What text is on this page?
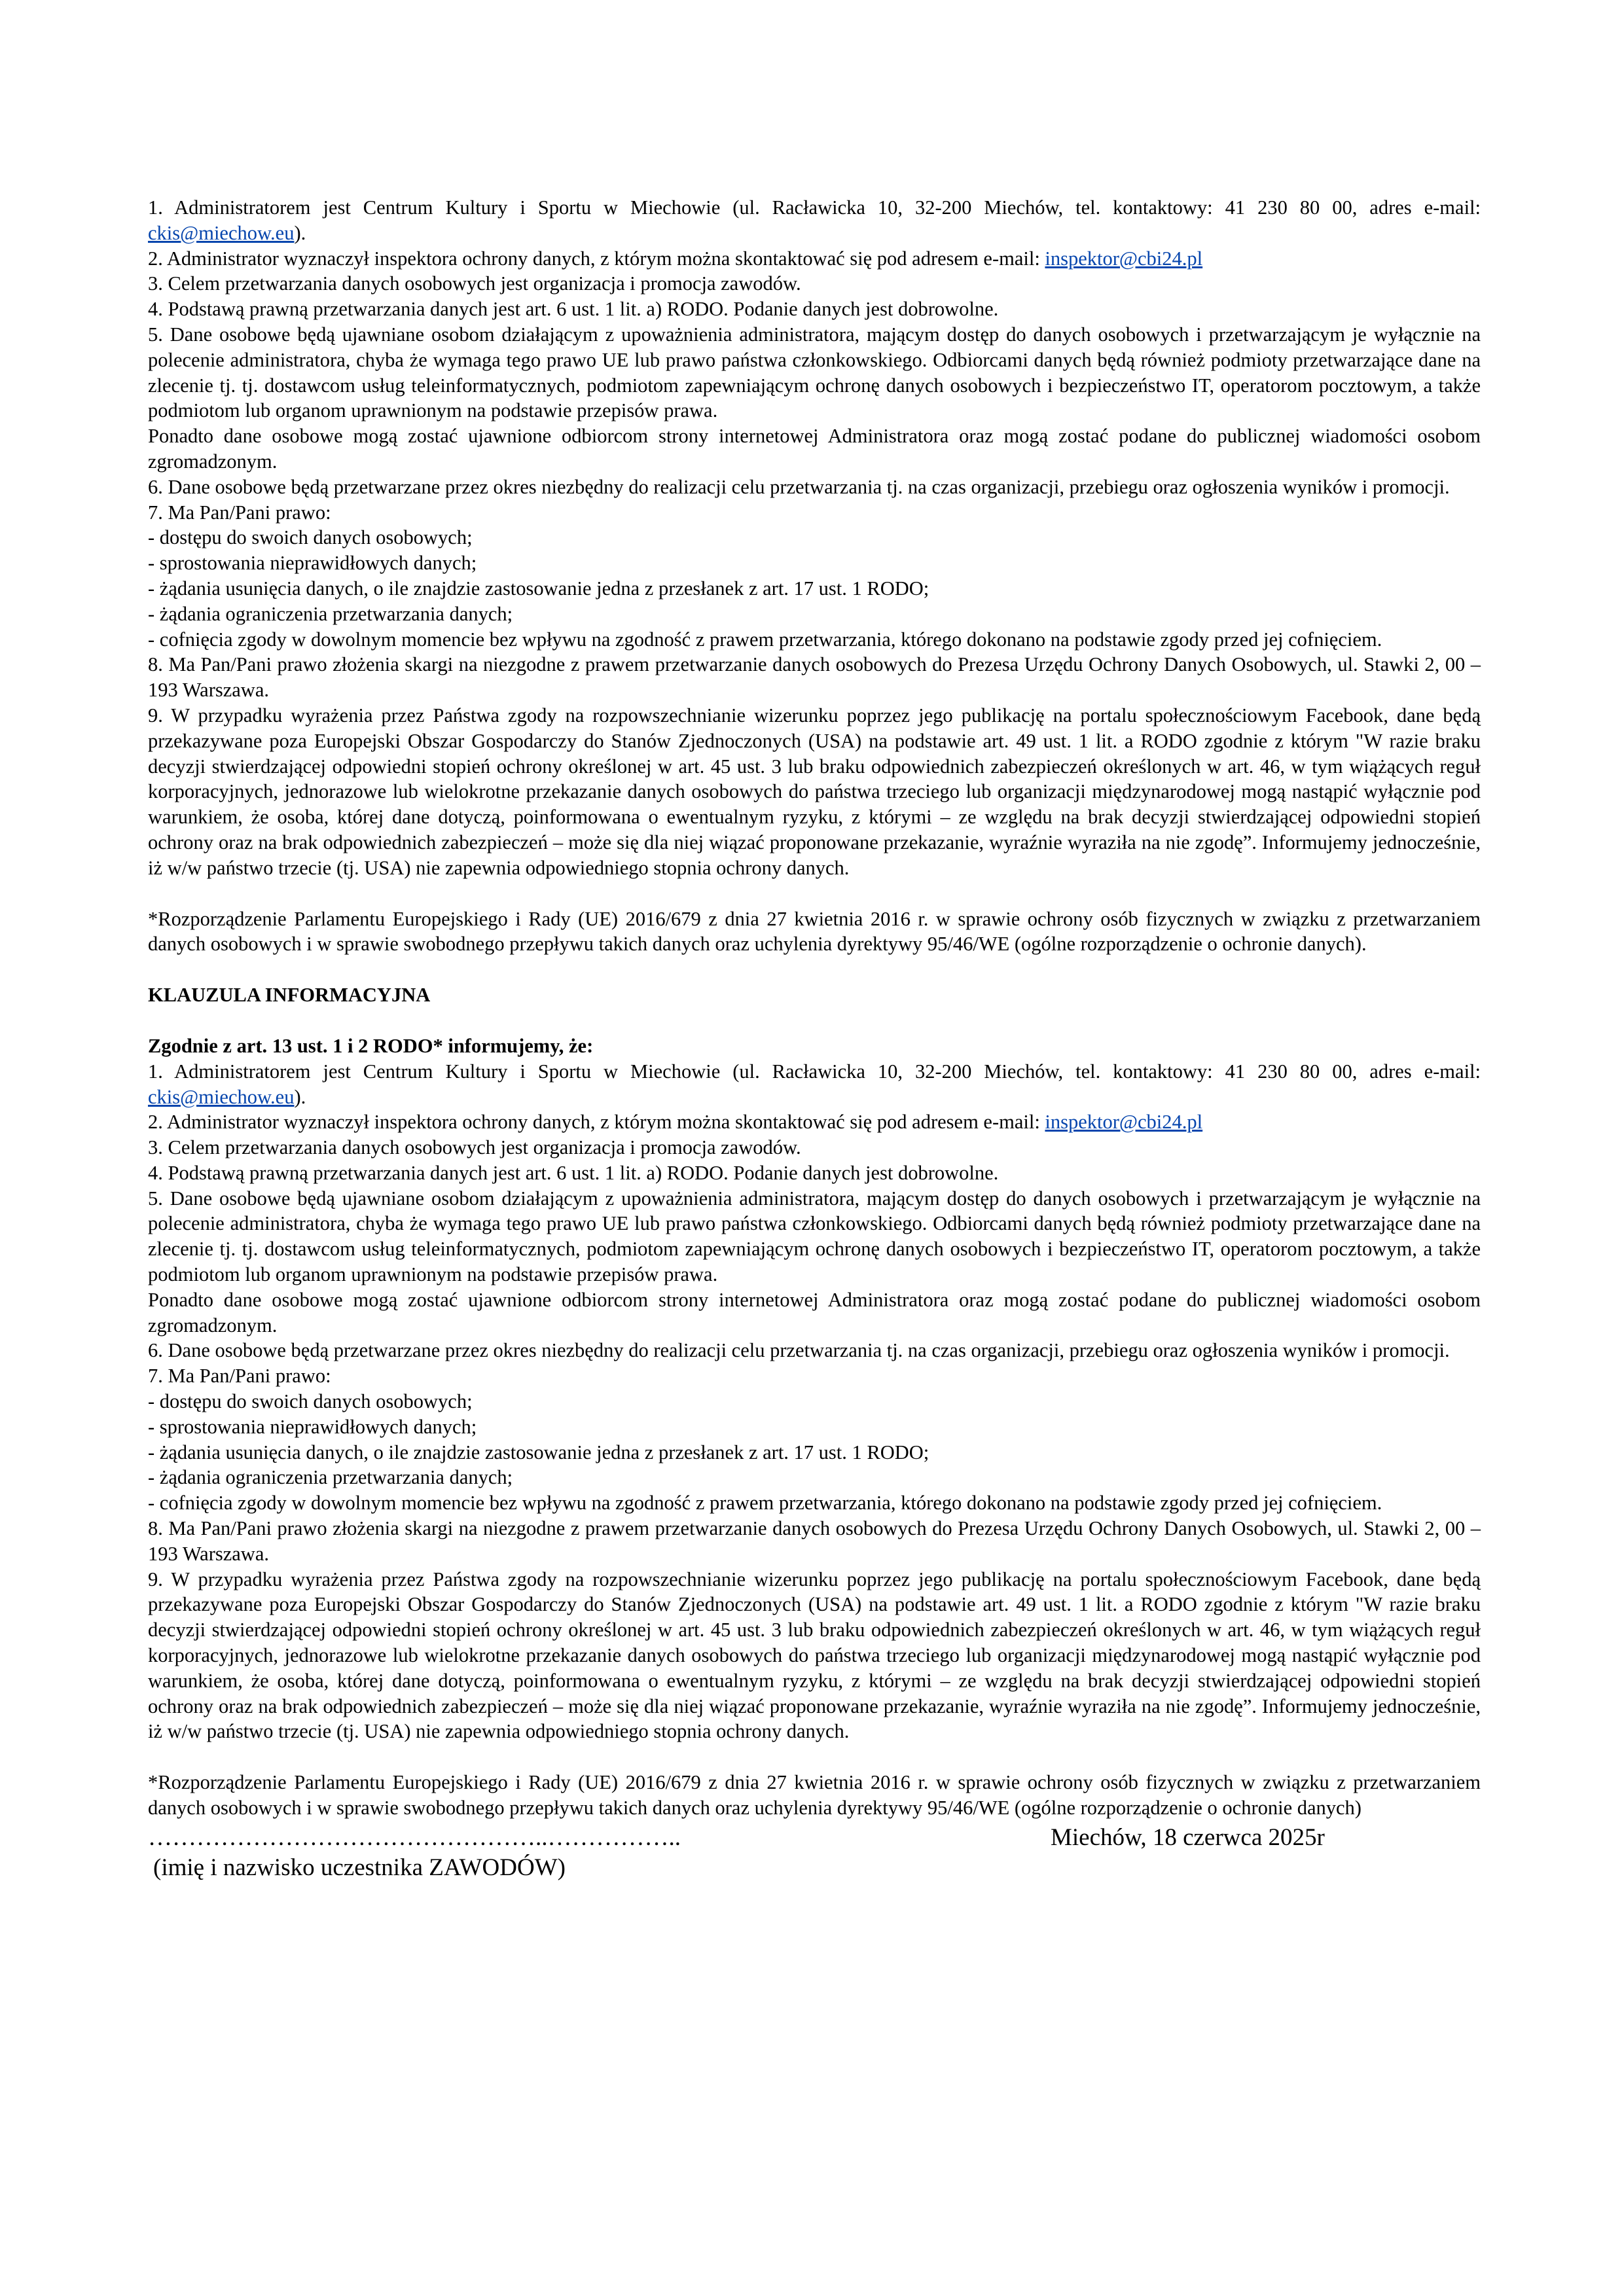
1. Administratorem jest Centrum Kultury i Sportu w Miechowie (ul. Racławicka 10, 32-200 Miechów, tel. kontaktowy: 41 230 80 00, adres e-mail: ckis@miechow.eu).

2. Administrator wyznaczył inspektora ochrony danych, z którym można skontaktować się pod adresem e-mail: inspektor@cbi24.pl

3. Celem przetwarzania danych osobowych jest organizacja i promocja zawodów.

4. Podstawą prawną przetwarzania danych jest art. 6 ust. 1 lit. a) RODO. Podanie danych jest dobrowolne.

5. Dane osobowe będą ujawniane osobom działającym z upoważnienia administratora, mającym dostęp do danych osobowych i przetwarzającym je wyłącznie na polecenie administratora, chyba że wymaga tego prawo UE lub prawo państwa członkowskiego. Odbiorcami danych będą również podmioty przetwarzające dane na zlecenie tj. tj. dostawcom usług teleinformatycznych, podmiotom zapewniającym ochronę danych osobowych i bezpieczeństwo IT, operatorom pocztowym, a także podmiotom lub organom uprawnionym na podstawie przepisów prawa.

Ponadto dane osobowe mogą zostać ujawnione odbiorcom strony internetowej Administratora oraz mogą zostać podane do publicznej wiadomości osobom zgromadzonym.

6. Dane osobowe będą przetwarzane przez okres niezbędny do realizacji celu przetwarzania tj. na czas organizacji, przebiegu oraz ogłoszenia wyników i promocji.

7. Ma Pan/Pani prawo:

- dostępu do swoich danych osobowych;

- sprostowania nieprawidłowych danych;

- żądania usunięcia danych, o ile znajdzie zastosowanie jedna z przesłanek z art. 17 ust. 1 RODO;

- żądania ograniczenia przetwarzania danych;

- cofnięcia zgody w dowolnym momencie bez wpływu na zgodność z prawem przetwarzania, którego dokonano na podstawie zgody przed jej cofnięciem.

8. Ma Pan/Pani prawo złożenia skargi na niezgodne z prawem przetwarzanie danych osobowych do Prezesa Urzędu Ochrony Danych Osobowych, ul. Stawki 2, 00 – 193 Warszawa.

9. W przypadku wyrażenia przez Państwa zgody na rozpowszechnianie wizerunku poprzez jego publikację na portalu społecznościowym Facebook, dane będą przekazywane poza Europejski Obszar Gospodarczy do Stanów Zjednoczonych (USA) na podstawie art. 49 ust. 1 lit. a RODO zgodnie z którym "W razie braku decyzji stwierdzającej odpowiedni stopień ochrony określonej w art. 45 ust. 3 lub braku odpowiednich zabezpieczeń określonych w art. 46, w tym wiążących reguł korporacyjnych, jednorazowe lub wielokrotne przekazanie danych osobowych do państwa trzeciego lub organizacji międzynarodowej mogą nastąpić wyłącznie pod warunkiem, że osoba, której dane dotyczą, poinformowana o ewentualnym ryzyku, z którymi – ze względu na brak decyzji stwierdzającej odpowiedni stopień ochrony oraz na brak odpowiednich zabezpieczeń – może się dla niej wiązać proponowane przekazanie, wyraźnie wyraziła na nie zgodę”. Informujemy jednocześnie, iż w/w państwo trzecie (tj. USA) nie zapewnia odpowiedniego stopnia ochrony danych.

*Rozporządzenie Parlamentu Europejskiego i Rady (UE) 2016/679 z dnia 27 kwietnia 2016 r. w sprawie ochrony osób fizycznych w związku z przetwarzaniem danych osobowych i w sprawie swobodnego przepływu takich danych oraz uchylenia dyrektywy 95/46/WE (ogólne rozporządzenie o ochronie danych).

KLAUZULA INFORMACYJNA

Zgodnie z art. 13 ust. 1 i 2 RODO* informujemy, że:

1. Administratorem jest Centrum Kultury i Sportu w Miechowie (ul. Racławicka 10, 32-200 Miechów, tel. kontaktowy: 41 230 80 00, adres e-mail: ckis@miechow.eu).

2. Administrator wyznaczył inspektora ochrony danych, z którym można skontaktować się pod adresem e-mail: inspektor@cbi24.pl

3. Celem przetwarzania danych osobowych jest organizacja i promocja zawodów.

4. Podstawą prawną przetwarzania danych jest art. 6 ust. 1 lit. a) RODO. Podanie danych jest dobrowolne.

5. Dane osobowe będą ujawniane osobom działającym z upoważnienia administratora, mającym dostęp do danych osobowych i przetwarzającym je wyłącznie na polecenie administratora, chyba że wymaga tego prawo UE lub prawo państwa członkowskiego. Odbiorcami danych będą również podmioty przetwarzające dane na zlecenie tj. tj. dostawcom usług teleinformatycznych, podmiotom zapewniającym ochronę danych osobowych i bezpieczeństwo IT, operatorom pocztowym, a także podmiotom lub organom uprawnionym na podstawie przepisów prawa.

Ponadto dane osobowe mogą zostać ujawnione odbiorcom strony internetowej Administratora oraz mogą zostać podane do publicznej wiadomości osobom zgromadzonym.

6. Dane osobowe będą przetwarzane przez okres niezbędny do realizacji celu przetwarzania tj. na czas organizacji, przebiegu oraz ogłoszenia wyników i promocji.

7. Ma Pan/Pani prawo:

- dostępu do swoich danych osobowych;

- sprostowania nieprawidłowych danych;

- żądania usunięcia danych, o ile znajdzie zastosowanie jedna z przesłanek z art. 17 ust. 1 RODO;

- żądania ograniczenia przetwarzania danych;

- cofnięcia zgody w dowolnym momencie bez wpływu na zgodność z prawem przetwarzania, którego dokonano na podstawie zgody przed jej cofnięciem.

8. Ma Pan/Pani prawo złożenia skargi na niezgodne z prawem przetwarzanie danych osobowych do Prezesa Urzędu Ochrony Danych Osobowych, ul. Stawki 2, 00 – 193 Warszawa.

9. W przypadku wyrażenia przez Państwa zgody na rozpowszechnianie wizerunku poprzez jego publikację na portalu społecznościowym Facebook, dane będą przekazywane poza Europejski Obszar Gospodarczy do Stanów Zjednoczonych (USA) na podstawie art. 49 ust. 1 lit. a RODO zgodnie z którym "W razie braku decyzji stwierdzającej odpowiedni stopień ochrony określonej w art. 45 ust. 3 lub braku odpowiednich zabezpieczeń określonych w art. 46, w tym wiążących reguł korporacyjnych, jednorazowe lub wielokrotne przekazanie danych osobowych do państwa trzeciego lub organizacji międzynarodowej mogą nastąpić wyłącznie pod warunkiem, że osoba, której dane dotyczą, poinformowana o ewentualnym ryzyku, z którymi – ze względu na brak decyzji stwierdzającej odpowiedni stopień ochrony oraz na brak odpowiednich zabezpieczeń – może się dla niej wiązać proponowane przekazanie, wyraźnie wyraziła na nie zgodę”. Informujemy jednocześnie, iż w/w państwo trzecie (tj. USA) nie zapewnia odpowiedniego stopnia ochrony danych.

*Rozporządzenie Parlamentu Europejskiego i Rady (UE) 2016/679 z dnia 27 kwietnia 2016 r. w sprawie ochrony osób fizycznych w związku z przetwarzaniem danych osobowych i w sprawie swobodnego przepływu takich danych oraz uchylenia dyrektywy 95/46/WE (ogólne rozporządzenie o ochronie danych)

…………………………………………..……………..	Miechów, 18 czerwca 2025r
(imię i nazwisko uczestnika ZAWODÓW)
